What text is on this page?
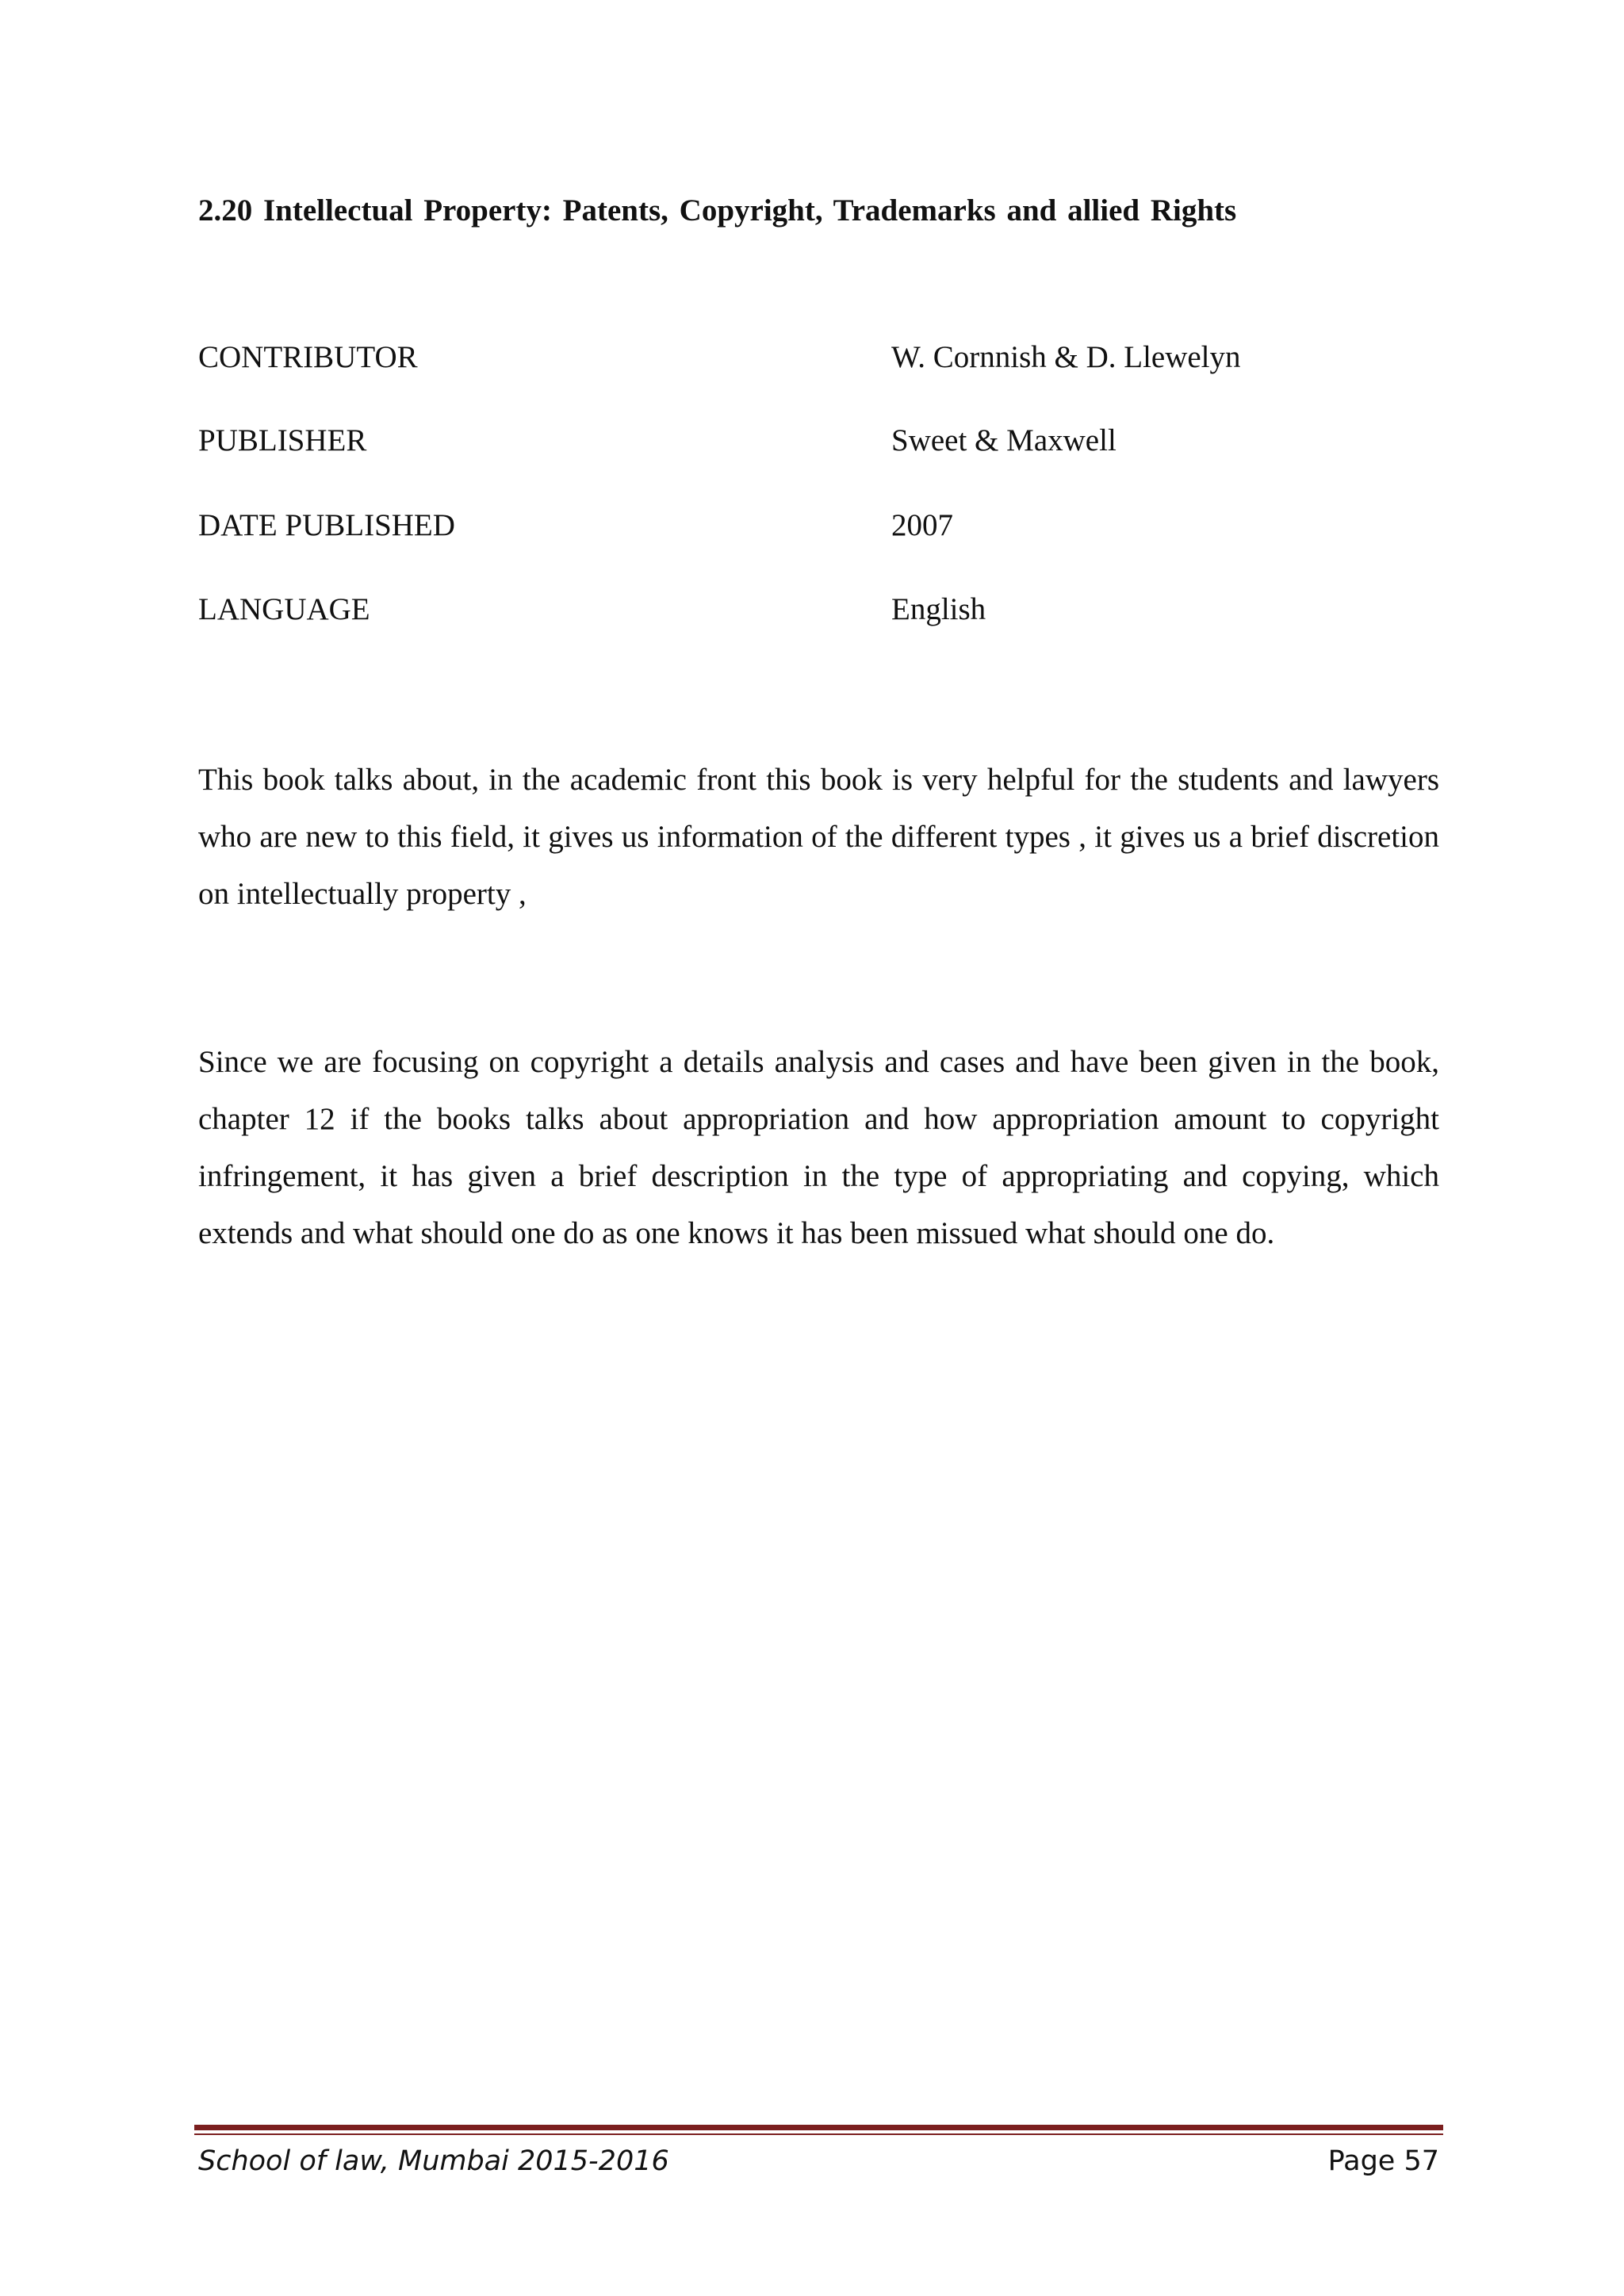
2.20 Intellectual Property: Patents, Copyright, Trademarks and allied Rights
CONTRIBUTOR	W. Cornnish & D. Llewelyn
PUBLISHER	Sweet & Maxwell
DATE PUBLISHED	2007
LANGUAGE	English

This book talks about, in the academic front this book is very helpful for the students and lawyers who are new to this field, it gives us information of the different types , it gives us a brief discretion on intellectually property ,

Since we are focusing on copyright a details analysis and cases and have been given in the book, chapter 12 if the books talks about appropriation and how appropriation amount to copyright infringement, it has given a brief description in the type of appropriating and copying, which extends and what should one do as one knows it has been missued what should one do.

School of law, Mumbai 2015-2016	Page 57
